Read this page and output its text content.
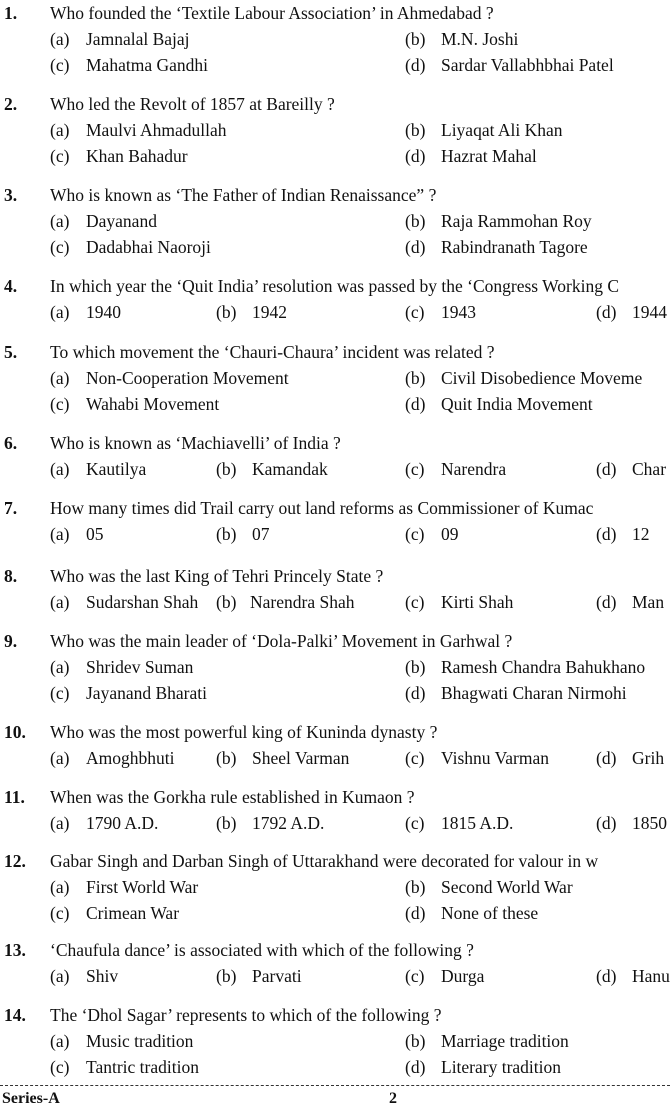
1. Who founded the ‘Textile Labour Association’ in Ahmedabad ?
(a) Jamnalal Bajaj	(b) M.N. Joshi
(c) Mahatma Gandhi	(d) Sardar Vallabhbhai Patel
2. Who led the Revolt of 1857 at Bareilly ?
(a) Maulvi Ahmadullah	(b) Liyaqat Ali Khan
(c) Khan Bahadur	(d) Hazrat Mahal
3. Who is known as ‘The Father of Indian Renaissance” ?
(a) Dayanand	(b) Raja Rammohan Roy
(c) Dadabhai Naoroji	(d) Rabindranath Tagore
4. In which year the ‘Quit India’ resolution was passed by the ‘Congress Working C
(a) 1940	(b) 1942	(c) 1943	(d) 1944
5. To which movement the ‘Chauri-Chaura’ incident was related ?
(a) Non-Cooperation Movement	(b) Civil Disobedience Moveme
(c) Wahabi Movement	(d) Quit India Movement
6. Who is known as ‘Machiavelli’ of India ?
(a) Kautilya	(b) Kamandak	(c) Narendra	(d) Char
7. How many times did Trail carry out land reforms as Commissioner of Kumac
(a) 05	(b) 07	(c) 09	(d) 12
8. Who was the last King of Tehri Princely State ?
(a) Sudarshan Shah (b) Narendra Shah	(c) Kirti Shah	(d) Man
9. Who was the main leader of ‘Dola-Palki’ Movement in Garhwal ?
(a) Shridev Suman	(b) Ramesh Chandra Bahukhano
(c) Jayanand Bharati	(d) Bhagwati Charan Nirmohi
10. Who was the most powerful king of Kuninda dynasty ?
(a) Amoghbhuti (b) Sheel Varman	(c) Vishnu Varman	(d) Grih
11. When was the Gorkha rule established in Kumaon ?
(a) 1790 A.D.	(b) 1792 A.D.	(c) 1815 A.D.	(d) 1850
12. Gabar Singh and Darban Singh of Uttarakhand were decorated for valour in w
(a) First World War	(b) Second World War
(c) Crimean War	(d) None of these
13. ‘Chaufula dance’ is associated with which of the following ?
(a) Shiv	(b) Parvati	(c) Durga	(d) Hanu
14. The ‘Dhol Sagar’ represents to which of the following ?
(a) Music tradition	(b) Marriage tradition
(c) Tantric tradition	(d) Literary tradition
Series-A	2
